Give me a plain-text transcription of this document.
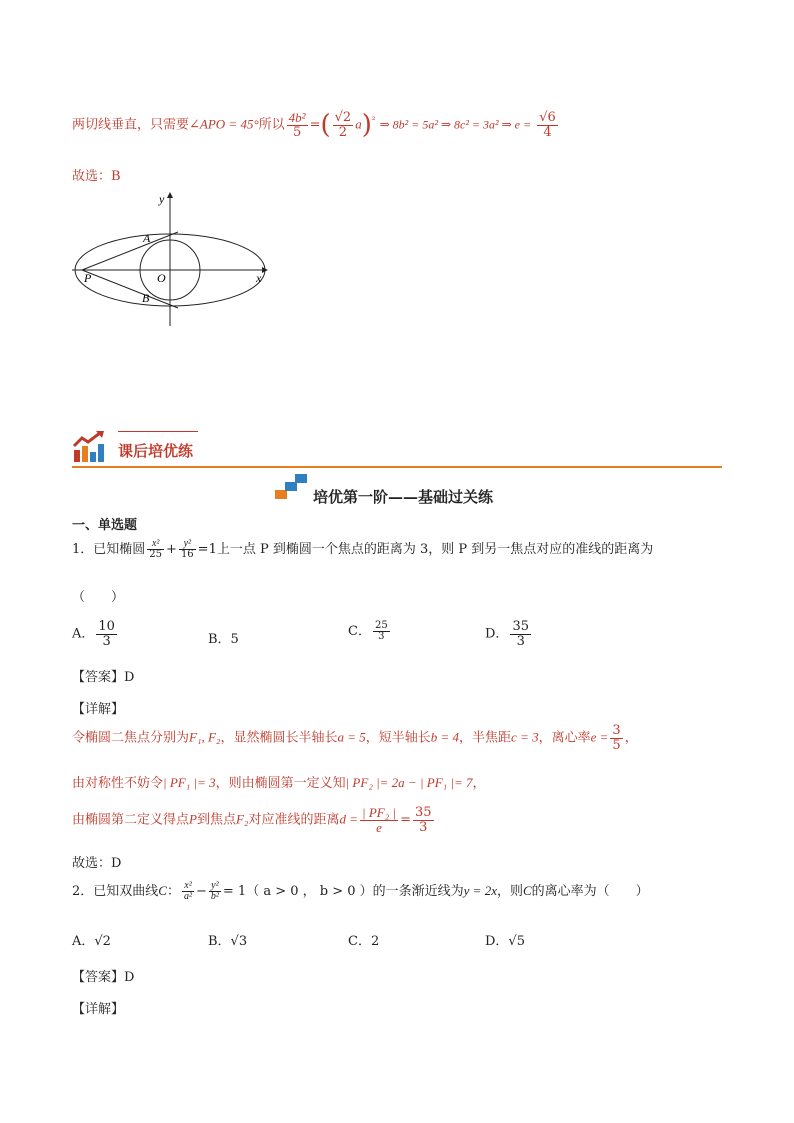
两切线垂直，只需要∠APO = 45°所以 $\frac{\text{4b²}}{5}$ =( $\frac{√2}{2} a)^{^2}$ ⇒ 8b² = 5a² ⇒ 8c² = 3a² ⇒ $e = \frac{√6}{4}$
故选：B
y
x
A
B
O
P
课后培优练
培优第一阶——基础过关练
一、单选题
1．已知椭圆 $\frac{\text{x²}}{25} + \frac{\text{y²}}{16} =1$上一点 P 到椭圆一个焦点的距离为 3，则 P 到另一焦点对应的准线的距离为
（　　）
A． $\frac{10}{3}$	B．5
C． $\frac{25}{3}$	D． $\frac{35}{3}$
【答案】D
【详解】
令椭圆二焦点分别为F₁, F₂，显然椭圆长半轴长a = 5，短半轴长b = 4，半焦距c = 3，离心率$e = \frac{3}{5}$ ，
由对称性不妨令| PF₁ |= 3，则由椭圆第一定义知| PF₂ |= 2a − | PF₁ |= 7，
由椭圆第二定义得点P到焦点F₂对应准线的距离$d = \frac{\text{| PF₂ |}}{e} = \frac{35}{3}$
故选：D
2．已知双曲线C： $\frac{\text{x²}}{\text{a²}} - \frac{\text{y²}}{\text{b²}} = 1$（ a > 0 ， b > 0 ）的一条渐近线为y = 2x，则C的离心率为（　　）
A．√2	B．√3	C．2	D．√5
【答案】D
【详解】
